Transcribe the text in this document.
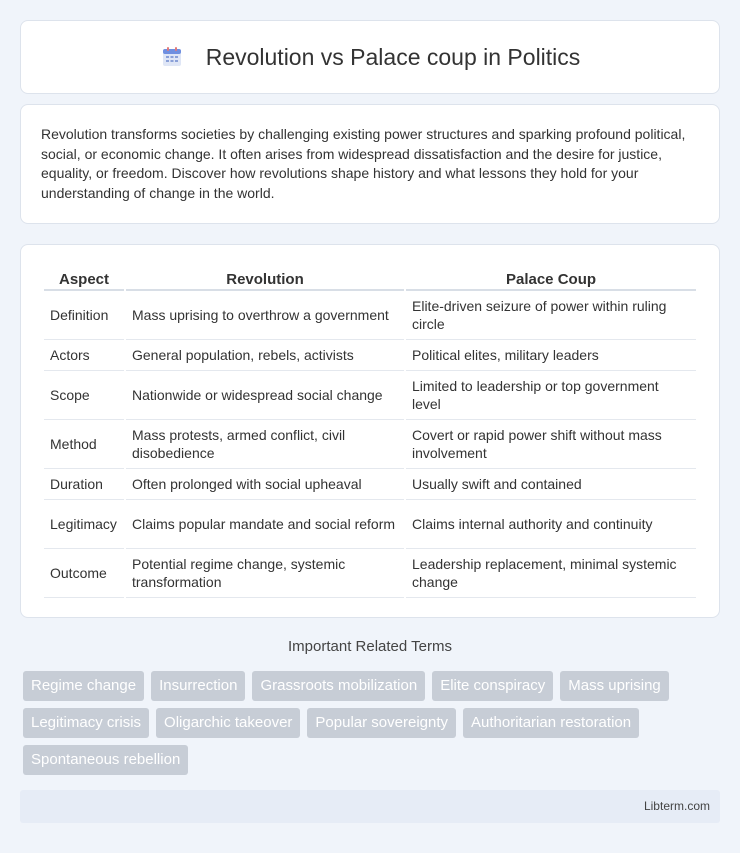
Revolution vs Palace coup in Politics

Revolution transforms societies by challenging existing power structures and sparking profound political, social, or economic change. It often arises from widespread dissatisfaction and the desire for justice, equality, or freedom. Discover how revolutions shape history and what lessons they hold for your understanding of change in the world.

Aspect	Revolution	Palace Coup
Definition	Mass uprising to overthrow a government	Elite-driven seizure of power within ruling circle
Actors	General population, rebels, activists	Political elites, military leaders
Scope	Nationwide or widespread social change	Limited to leadership or top government level
Method	Mass protests, armed conflict, civil disobedience	Covert or rapid power shift without mass involvement
Duration	Often prolonged with social upheaval	Usually swift and contained
Legitimacy	Claims popular mandate and social reform	Claims internal authority and continuity
Outcome	Potential regime change, systemic transformation	Leadership replacement, minimal systemic change
Important Related Terms
Regime change	Insurrection	Grassroots mobilization	Elite conspiracy	Mass uprising
Legitimacy crisis	Oligarchic takeover	Popular sovereignty	Authoritarian restoration
Spontaneous rebellion
Libterm.com
